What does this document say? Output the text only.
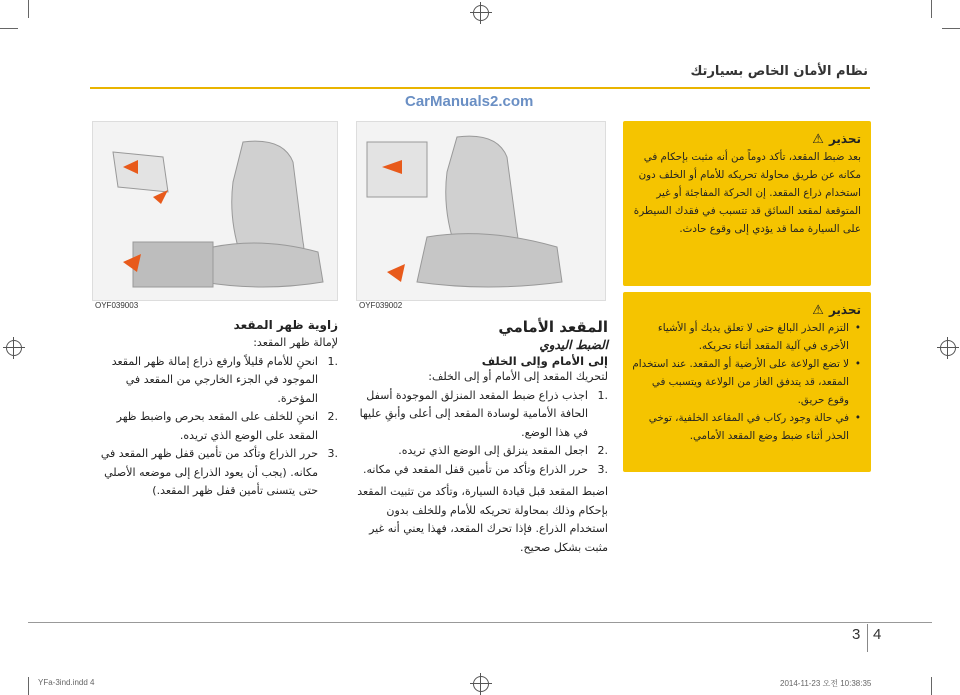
نظام الأمان الخاص بسيارتك
CarManuals2.com
OYF039003	OYF039002
تحذير ⚠
بعد ضبط المقعد، تأكد دوماً من أنه مثبت بإحكام في مكانه عن طريق محاولة تحريكه للأمام أو الخلف دون استخدام ذراع المقعد. إن الحركة المفاجئة أو غير المتوقعة لمقعد السائق قد تتسبب في فقدك السيطرة على السيارة مما قد يؤدي إلى وقوع حادث.
تحذير ⚠
• التزم الحذر البالغ حتى لا تعلق يديك أو الأشياء الأخرى في آلية المقعد أثناء تحريكه.
• لا تضع الولاعة على الأرضية أو المقعد. عند استخدام المقعد، قد يتدفق الغاز من الولاعة ويتسبب في وقوع حريق.
• في حالة وجود ركاب في المقاعد الخلفية، توخي الحذر أثناء ضبط وضع المقعد الأمامي.
زاوية ظهر المقعد
لإمالة ظهر المقعد:
.1
انحنِ للأمام قليلاً وارفع ذراع إمالة ظهر المقعد الموجود في الجزء الخارجي من المقعد في المؤخرة.
.2
انحنِ للخلف على المقعد بحرص واضبط ظهر المقعد على الوضع الذي تريده.
.3
حرر الذراع وتأكد من تأمين قفل ظهر المقعد في مكانه. (يجب أن يعود الذراع إلى موضعه الأصلي حتى يتسنى تأمين قفل ظهر المقعد.)
المقعد الأمامي
الضبط اليدوي
إلى الأمام وإلى الخلف
لتحريك المقعد إلى الأمام أو إلى الخلف:
.1
اجذب ذراع ضبط المقعد المنزلق الموجودة أسفل الحافة الأمامية لوسادة المقعد إلى أعلى وأبقِ عليها في هذا الوضع.
.2
اجعل المقعد ينزلق إلى الوضع الذي تريده.
.3
حرر الذراع وتأكد من تأمين قفل المقعد في مكانه.
اضبط المقعد قبل قيادة السيارة، وتأكد من تثبيت المقعد بإحكام وذلك بمحاولة تحريكه للأمام وللخلف بدون استخدام الذراع. فإذا تحرك المقعد، فهذا يعني أنه غير مثبت بشكل صحيح.
3 4
YFa-3ind.indd 4	2014-11-23 오전 10:38:35
